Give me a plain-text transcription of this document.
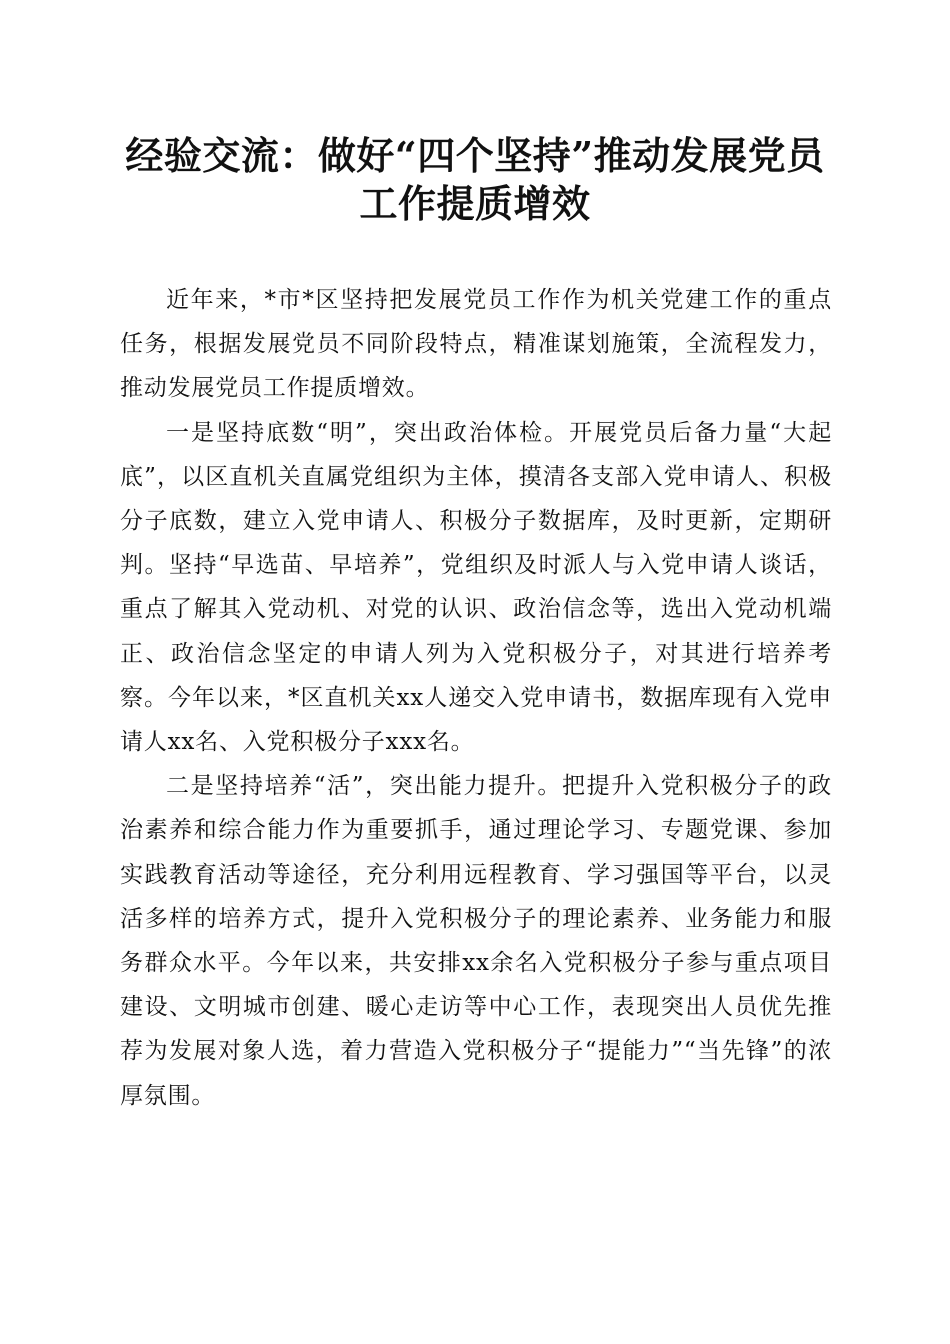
经验交流：做好“四个坚持”推动发展党员工作提质增效

近年来，*市*区坚持把发展党员工作作为机关党建工作的重点任务，根据发展党员不同阶段特点，精准谋划施策，全流程发力，推动发展党员工作提质增效。

一是坚持底数“明”，突出政治体检。开展党员后备力量“大起底”，以区直机关直属党组织为主体，摸清各支部入党申请人、积极分子底数，建立入党申请人、积极分子数据库，及时更新，定期研判。坚持“早选苗、早培养”，党组织及时派人与入党申请人谈话，重点了解其入党动机、对党的认识、政治信念等，选出入党动机端正、政治信念坚定的申请人列为入党积极分子，对其进行培养考察。今年以来，*区直机关xx人递交入党申请书，数据库现有入党申请人xx名、入党积极分子xxx名。

二是坚持培养“活”，突出能力提升。把提升入党积极分子的政治素养和综合能力作为重要抓手，通过理论学习、专题党课、参加实践教育活动等途径，充分利用远程教育、学习强国等平台，以灵活多样的培养方式，提升入党积极分子的理论素养、业务能力和服务群众水平。今年以来，共安排xx余名入党积极分子参与重点项目建设、文明城市创建、暖心走访等中心工作，表现突出人员优先推荐为发展对象人选，着力营造入党积极分子“提能力”“当先锋”的浓厚氛围。
